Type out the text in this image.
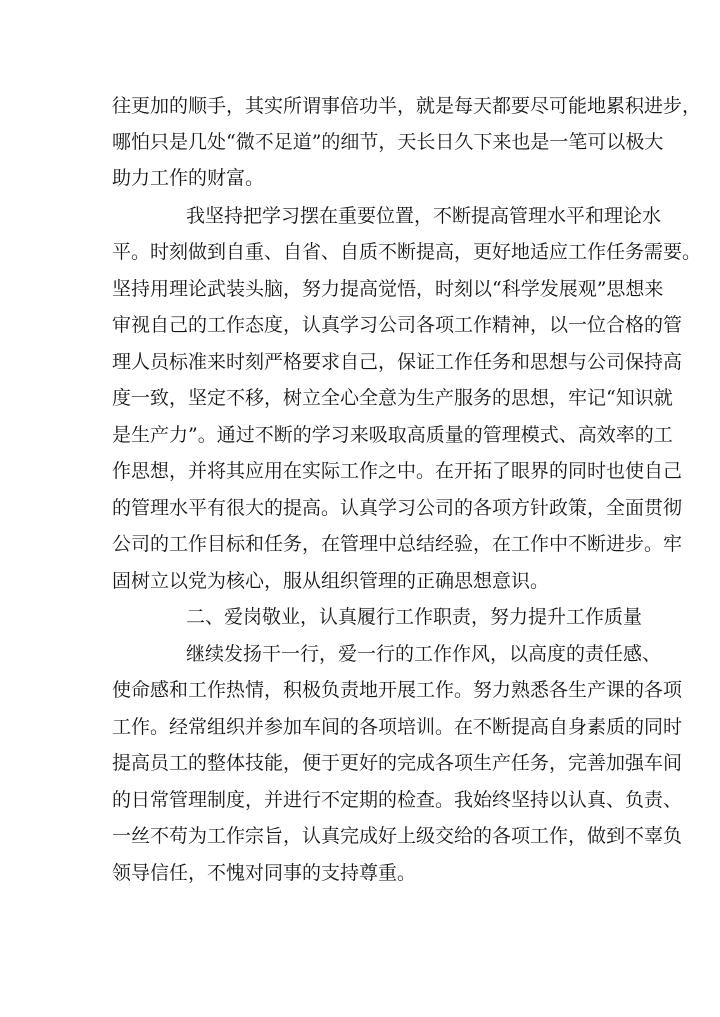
往更加的顺手，其实所谓事倍功半，就是每天都要尽可能地累积进步，
哪怕只是几处“微不足道”的细节，天长日久下来也是一笔可以极大
助力工作的财富。
我坚持把学习摆在重要位置，不断提高管理水平和理论水
平。时刻做到自重、自省、自质不断提高，更好地适应工作任务需要。
坚持用理论武装头脑，努力提高觉悟，时刻以“科学发展观”思想来
审视自己的工作态度，认真学习公司各项工作精神，以一位合格的管
理人员标准来时刻严格要求自己，保证工作任务和思想与公司保持高
度一致，坚定不移，树立全心全意为生产服务的思想，牢记“知识就
是生产力”。通过不断的学习来吸取高质量的管理模式、高效率的工
作思想，并将其应用在实际工作之中。在开拓了眼界的同时也使自己
的管理水平有很大的提高。认真学习公司的各项方针政策，全面贯彻
公司的工作目标和任务，在管理中总结经验，在工作中不断进步。牢
固树立以党为核心，服从组织管理的正确思想意识。
二、爱岗敬业，认真履行工作职责，努力提升工作质量
继续发扬干一行，爱一行的工作作风，以高度的责任感、
使命感和工作热情，积极负责地开展工作。努力熟悉各生产课的各项
工作。经常组织并参加车间的各项培训。在不断提高自身素质的同时
提高员工的整体技能，便于更好的完成各项生产任务，完善加强车间
的日常管理制度，并进行不定期的检查。我始终坚持以认真、负责、
一丝不苟为工作宗旨，认真完成好上级交给的各项工作，做到不辜负
领导信任，不愧对同事的支持尊重。
